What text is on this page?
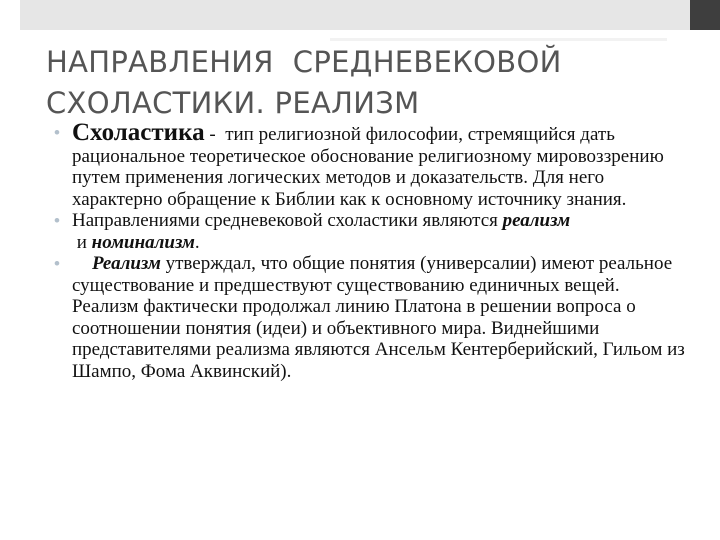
НАПРАВЛЕНИЯ  СРЕДНЕВЕКОВОЙ
СХОЛАСТИКИ. РЕАЛИЗМ

• Схоластика -  тип религиозной философии, стремящийся дать рациональное теоретическое обоснование религиозному мировоззрению путем применения логических методов и доказательств. Для него характерно обращение к Библии как к основному источнику знания.

• Направлениями средневековой схоластики являются реализм и номинализм.

• Реализм утверждал, что общие понятия (универсалии) имеют реальное существование и предшествуют существованию единичных вещей. Реализм фактически продолжал линию Платона в решении вопроса о соотношении понятия (идеи) и объективного мира. Виднейшими представителями реализма являются Ансельм Кентерберийский, Гильом из Шампо, Фома Аквинский).
